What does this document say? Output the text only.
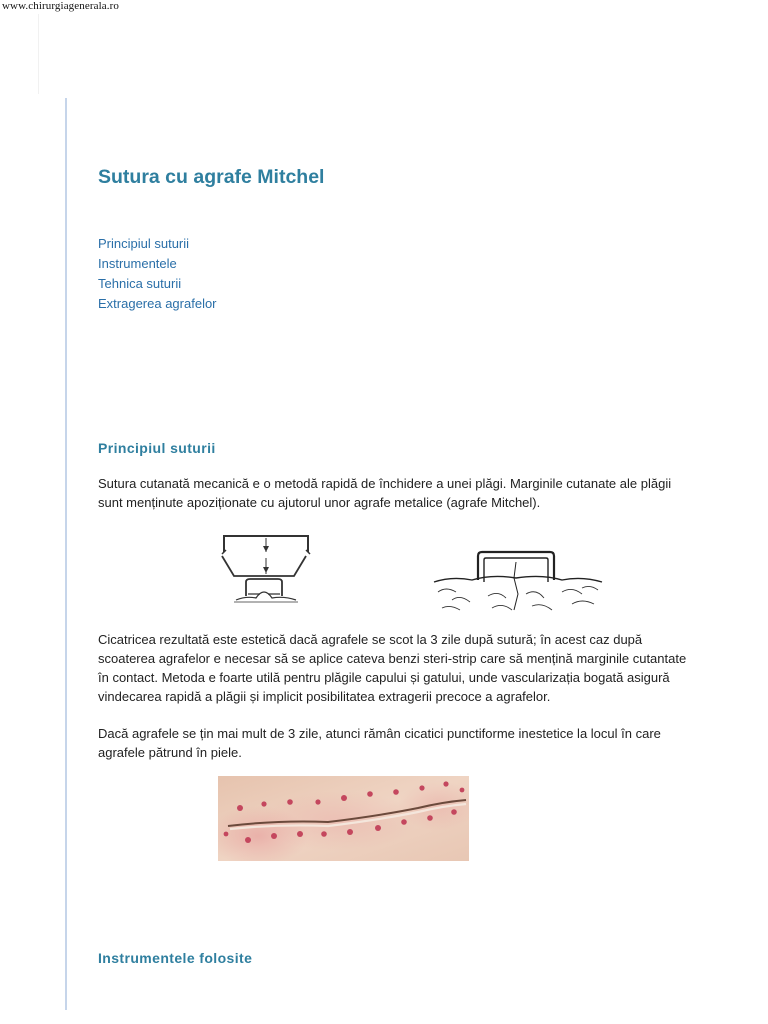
www.chirurgiagenerala.ro
Sutura cu agrafe Mitchel
Principiul suturii
Instrumentele
Tehnica suturii
Extragerea agrafelor
Principiul suturii

Sutura cutanată mecanică e o metodă rapidă de închidere a unei plăgi. Marginile cutanate ale plăgii sunt menținute apoziționate cu ajutorul unor agrafe metalice (agrafe Mitchel).

Cicatricea rezultată este estetică dacă agrafele se scot la 3 zile după sutură; în acest caz după scoaterea agrafelor e necesar să se aplice cateva benzi steri-strip care să mențină marginile cutantate în contact. Metoda e foarte utilă pentru plăgile capului și gatului, unde vascularizația bogată asigură vindecarea rapidă a plăgii și implicit posibilitatea extragerii precoce a agrafelor.

Dacă agrafele se țin mai mult de 3 zile, atunci rămân cicatici punctiforme inestetice la locul în care agrafele pătrund în piele.

Instrumentele folosite
